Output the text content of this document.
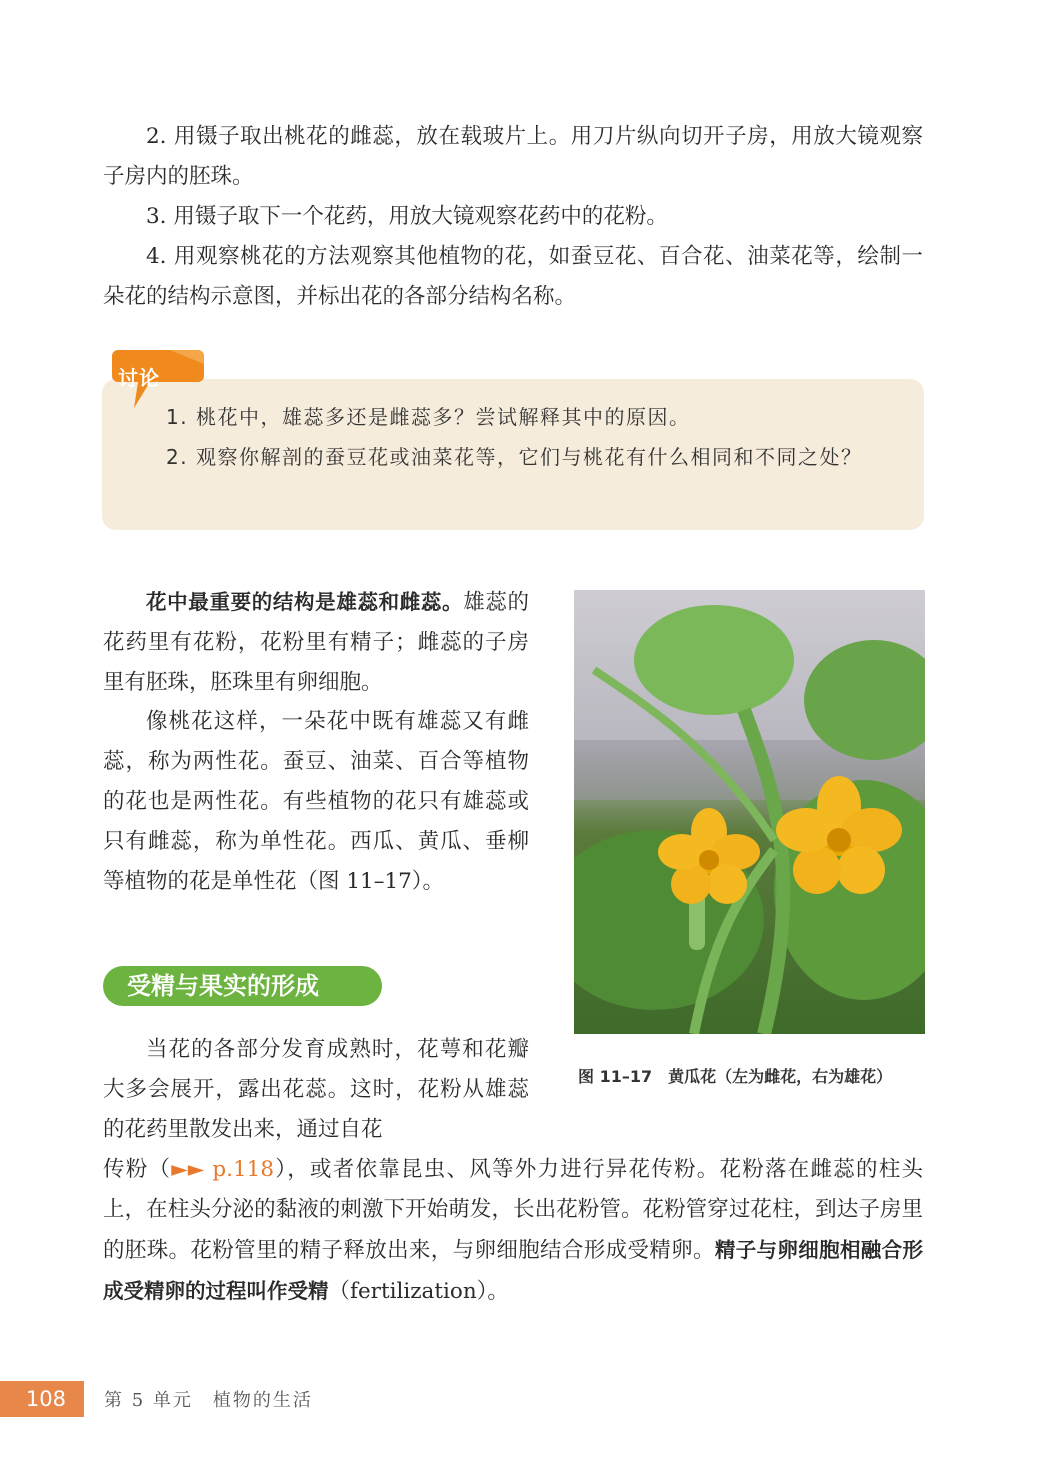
2. 用镊子取出桃花的雌蕊，放在载玻片上。用刀片纵向切开子房，用放大镜观察子房内的胚珠。

3. 用镊子取下一个花药，用放大镜观察花药中的花粉。

4. 用观察桃花的方法观察其他植物的花，如蚕豆花、百合花、油菜花等，绘制一朵花的结构示意图，并标出花的各部分结构名称。

1. 桃花中，雄蕊多还是雌蕊多？尝试解释其中的原因。

2. 观察你解剖的蚕豆花或油菜花等，它们与桃花有什么相同和不同之处？

讨论

花中最重要的结构是雄蕊和雌蕊。雄蕊的花药里有花粉，花粉里有精子；雌蕊的子房里有胚珠，胚珠里有卵细胞。

像桃花这样，一朵花中既有雄蕊又有雌蕊，称为两性花。蚕豆、油菜、百合等植物的花也是两性花。有些植物的花只有雄蕊或只有雌蕊，称为单性花。西瓜、黄瓜、垂柳等植物的花是单性花（图 11–17）。

图 11–17 黄瓜花（左为雌花，右为雄花）
受精与果实的形成

当花的各部分发育成熟时，花萼和花瓣大多会展开，露出花蕊。这时，花粉从雄蕊的花药里散发出来，通过自花

传粉（►► p.118），或者依靠昆虫、风等外力进行异花传粉。花粉落在雌蕊的柱头上，在柱头分泌的黏液的刺激下开始萌发，长出花粉管。花粉管穿过花柱，到达子房里的胚珠。花粉管里的精子释放出来，与卵细胞结合形成受精卵。精子与卵细胞相融合形成受精卵的过程叫作受精（fertilization）。

108	第 5 单元　植物的生活
